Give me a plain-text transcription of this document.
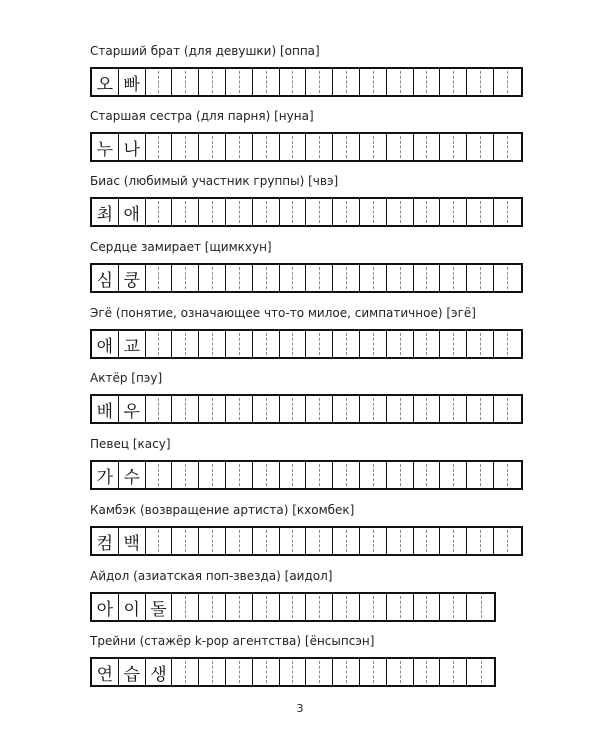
Старший брат (для девушки) [оппа]
오 빠
Старшая сестра (для парня) [нуна]
누 나
Биас (любимый участник группы) [чвэ]
최 애
Сердце замирает [щимкхун]
심 쿵
Эгё (понятие, означающее что-то милое, симпатичное) [эгё]
애 교
Актёр [пэу]
배 우
Певец [касу]
가 수
Камбэк (возвращение артиста) [кхомбек]
컴 백
Айдол (азиатская поп-звезда) [аидол]
아 이 돌
Трейни (стажёр k-pop агентства) [ёнсыпсэн]
연 습 생
3
